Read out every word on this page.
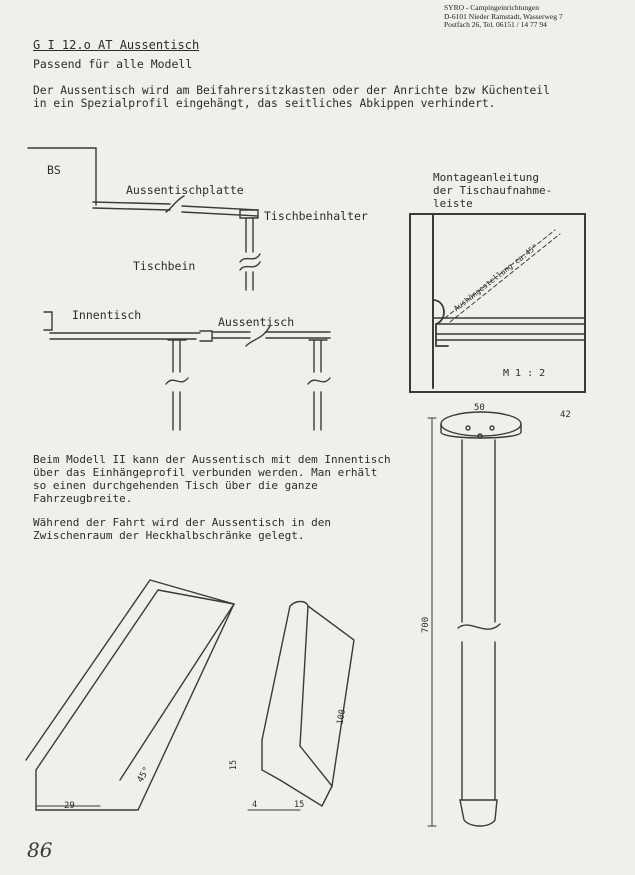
SYRO - Campingeinrichtungen
D-6101 Nieder Ramstadt, Wasserweg 7
Postfach 26, Tel. 06151 / 14 77 94
G I 12.o AT Aussentisch
Passend für alle Modell
Der Aussentisch wird am Beifahrersitzkasten oder der Anrichte bzw Küchenteil in ein Spezialprofil eingehängt, das seitliches Abkippen verhindert.
BS
Aussentischplatte
Tischbeinhalter
Tischbein
Innentisch	Aussentisch
Montageanleitung
der Tischaufnahme-
leiste
Aushängestellung ca.45°
M 1 : 2
50
42
700
Beim Modell II kann der Aussentisch mit dem Innentisch über das Einhängeprofil verbunden werden. Man erhält so einen durchgehenden Tisch über die ganze Fahrzeugbreite.
Während der Fahrt wird der Aussentisch in den Zwischenraum der Heckhalbschränke gelegt.
29
45°
100
15
4	15
86
